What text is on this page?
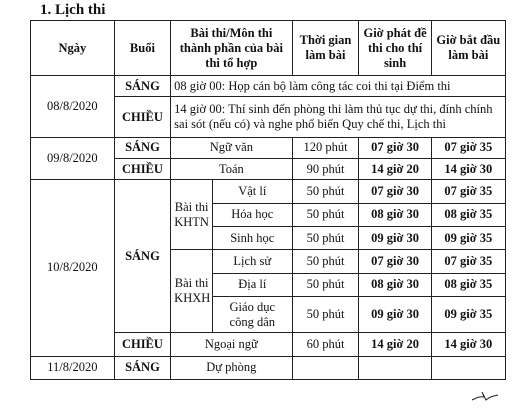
1. Lịch thi
Ngày	Buổi	Bài thi/Môn thi thành phần của bài thi tổ hợp		Thời gian làm bài	Giờ phát đề thi cho thí sinh	Giờ bắt đầu làm bài
08/8/2020	SÁNG	08 giờ 00: Họp cán bộ làm công tác coi thi tại Điểm thi				
	CHIỀU	14 giờ 00: Thí sinh đến phòng thi làm thủ tục dự thi, đính chính sai sót (nếu có) và nghe phổ biến Quy chế thi, Lịch thi				
09/8/2020	SÁNG	Ngữ văn		120 phút	07 giờ 30	07 giờ 35
	CHIỀU	Toán		90 phút	14 giờ 20	14 giờ 30
10/8/2020	SÁNG	Bài thi KHTN	Vật lí	50 phút	07 giờ 30	07 giờ 35
			Hóa học	50 phút	08 giờ 30	08 giờ 35
			Sinh học	50 phút	09 giờ 30	09 giờ 35
		Bài thi KHXH	Lịch sử	50 phút	07 giờ 30	07 giờ 35
			Địa lí	50 phút	08 giờ 30	08 giờ 35
			Giáo dục công dân	50 phút	09 giờ 30	09 giờ 35
	CHIỀU	Ngoại ngữ		60 phút	14 giờ 20	14 giờ 30
11/8/2020	SÁNG	Dự phòng				
